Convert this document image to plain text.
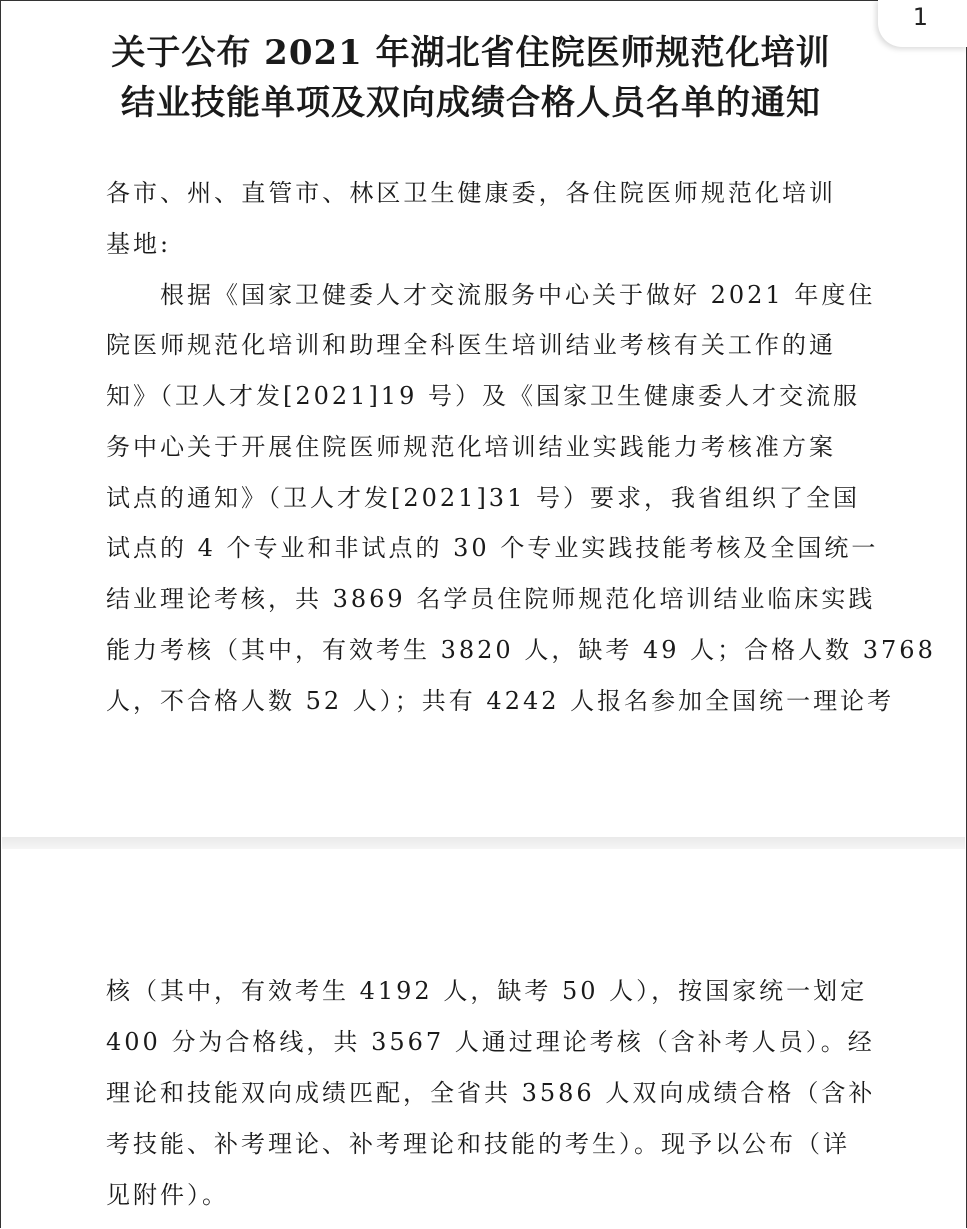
关于公布 2021 年湖北省住院医师规范化培训
结业技能单项及双向成绩合格人员名单的通知

各市、州、直管市、林区卫生健康委，各住院医师规范化培训

基地:

　　根据《国家卫健委人才交流服务中心关于做好 2021 年度住

院医师规范化培训和助理全科医生培训结业考核有关工作的通

知》（卫人才发[2021]19 号）及《国家卫生健康委人才交流服

务中心关于开展住院医师规范化培训结业实践能力考核准方案

试点的通知》（卫人才发[2021]31 号）要求，我省组织了全国

试点的 4 个专业和非试点的 30 个专业实践技能考核及全国统一

结业理论考核，共 3869 名学员住院师规范化培训结业临床实践

能力考核（其中，有效考生 3820 人，缺考 49 人；合格人数 3768

人，不合格人数 52 人）；共有 4242 人报名参加全国统一理论考

核（其中，有效考生 4192 人，缺考 50 人），按国家统一划定

400 分为合格线，共 3567 人通过理论考核（含补考人员）。经

理论和技能双向成绩匹配，全省共 3586 人双向成绩合格（含补

考技能、补考理论、补考理论和技能的考生）。现予以公布（详

见附件）。

1
